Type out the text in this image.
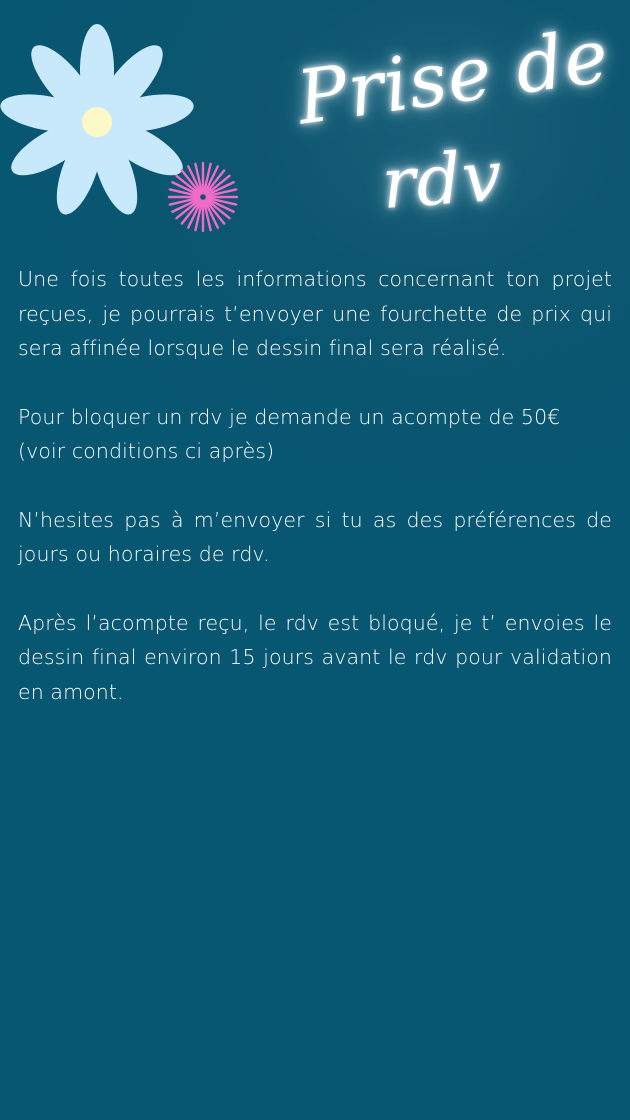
Prise de
rdv

Une fois toutes les informations concernant ton projet reçues, je pourrais t’envoyer une fourchette de prix qui sera affinée lorsque le dessin final sera réalisé.

Pour bloquer un rdv je demande un acompte de 50€ (voir conditions ci après)

N’hesites pas à m’envoyer si tu as des préférences de jours ou horaires de rdv.

Après l’acompte reçu, le rdv est bloqué, je t’ envoies le dessin final environ 15 jours avant le rdv pour validation en amont.
